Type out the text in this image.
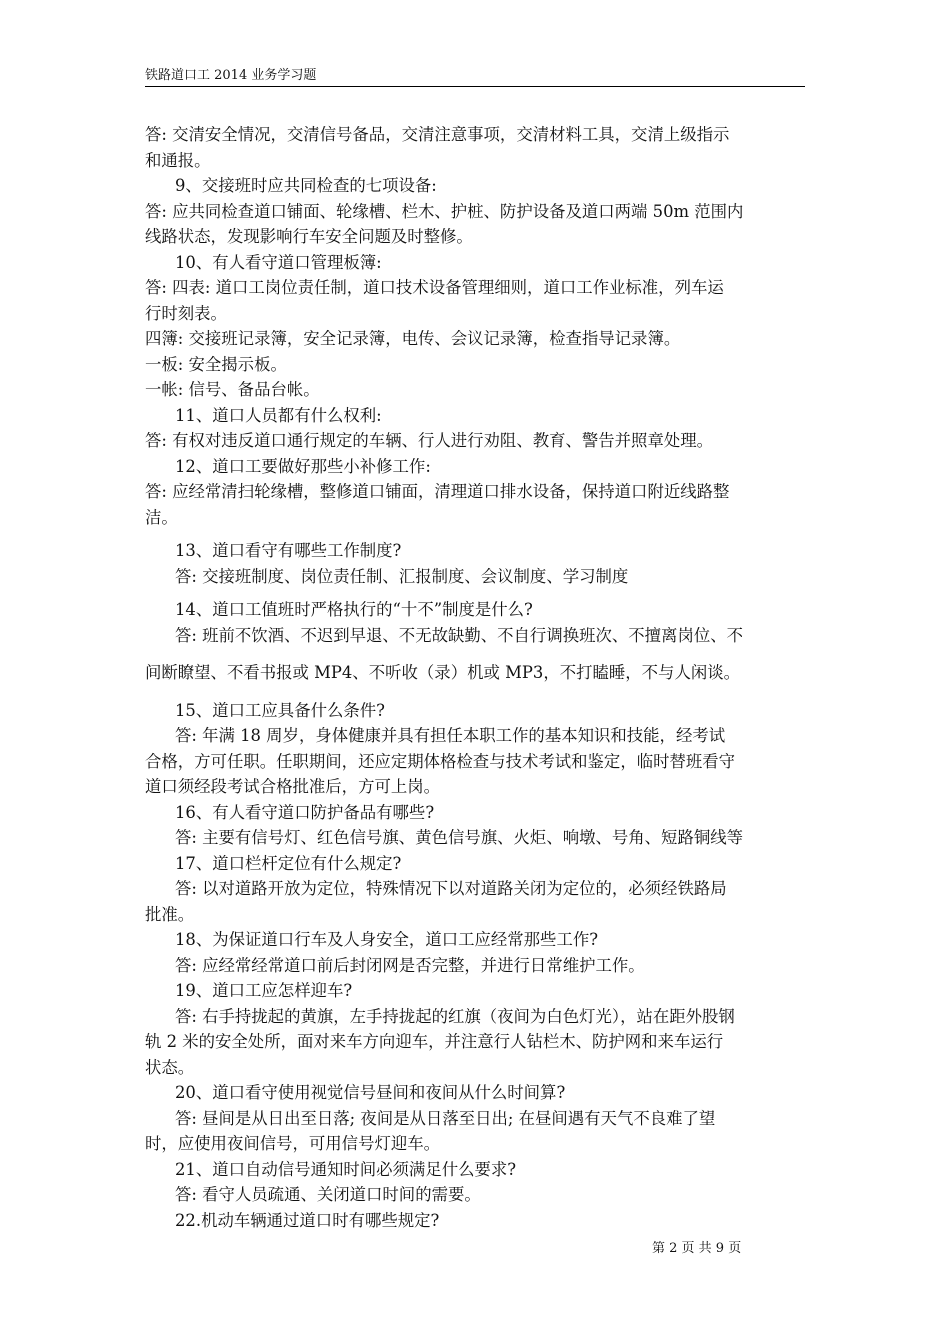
铁路道口工 2014 业务学习题
答: 交清安全情况，交清信号备品，交清注意事项，交清材料工具，交清上级指示
和通报。
9、交接班时应共同检查的七项设备:
答: 应共同检查道口铺面、轮缘槽、栏木、护桩、防护设备及道口两端 50m 范围内
线路状态，发现影响行车安全问题及时整修。
10、有人看守道口管理板簿:
答: 四表: 道口工岗位责任制，道口技术设备管理细则，道口工作业标准，列车运
行时刻表。
四簿: 交接班记录簿，安全记录簿，电传、会议记录簿，检查指导记录簿。
一板: 安全揭示板。
一帐: 信号、备品台帐。
11、道口人员都有什么权利:
答: 有权对违反道口通行规定的车辆、行人进行劝阻、教育、警告并照章处理。
12、道口工要做好那些小补修工作:
答: 应经常清扫轮缘槽，整修道口铺面，清理道口排水设备，保持道口附近线路整
洁。
13、道口看守有哪些工作制度?
答: 交接班制度、岗位责任制、汇报制度、会议制度、学习制度
14、道口工值班时严格执行的“十不”制度是什么?
答: 班前不饮酒、不迟到早退、不无故缺勤、不自行调换班次、不擅离岗位、不
间断瞭望、不看书报或 MP4、不听收（录）机或 MP3，不打瞌睡，不与人闲谈。
15、道口工应具备什么条件?
答: 年满 18 周岁，身体健康并具有担任本职工作的基本知识和技能，经考试
合格，方可任职。任职期间，还应定期体格检查与技术考试和鉴定，临时替班看守
道口须经段考试合格批准后，方可上岗。
16、有人看守道口防护备品有哪些?
答: 主要有信号灯、红色信号旗、黄色信号旗、火炬、响墩、号角、短路铜线等
17、道口栏杆定位有什么规定?
答: 以对道路开放为定位，特殊情况下以对道路关闭为定位的，必须经铁路局
批准。
18、为保证道口行车及人身安全，道口工应经常那些工作?
答: 应经常经常道口前后封闭网是否完整，并进行日常维护工作。
19、道口工应怎样迎车?
答: 右手持拢起的黄旗，左手持拢起的红旗（夜间为白色灯光），站在距外股钢
轨 2 米的安全处所，面对来车方向迎车，并注意行人钻栏木、防护网和来车运行
状态。
20、道口看守使用视觉信号昼间和夜间从什么时间算?
答: 昼间是从日出至日落; 夜间是从日落至日出; 在昼间遇有天气不良难了望
时，应使用夜间信号，可用信号灯迎车。
21、道口自动信号通知时间必须满足什么要求?
答: 看守人员疏通、关闭道口时间的需要。
22.机动车辆通过道口时有哪些规定?
第 2 页 共 9 页
